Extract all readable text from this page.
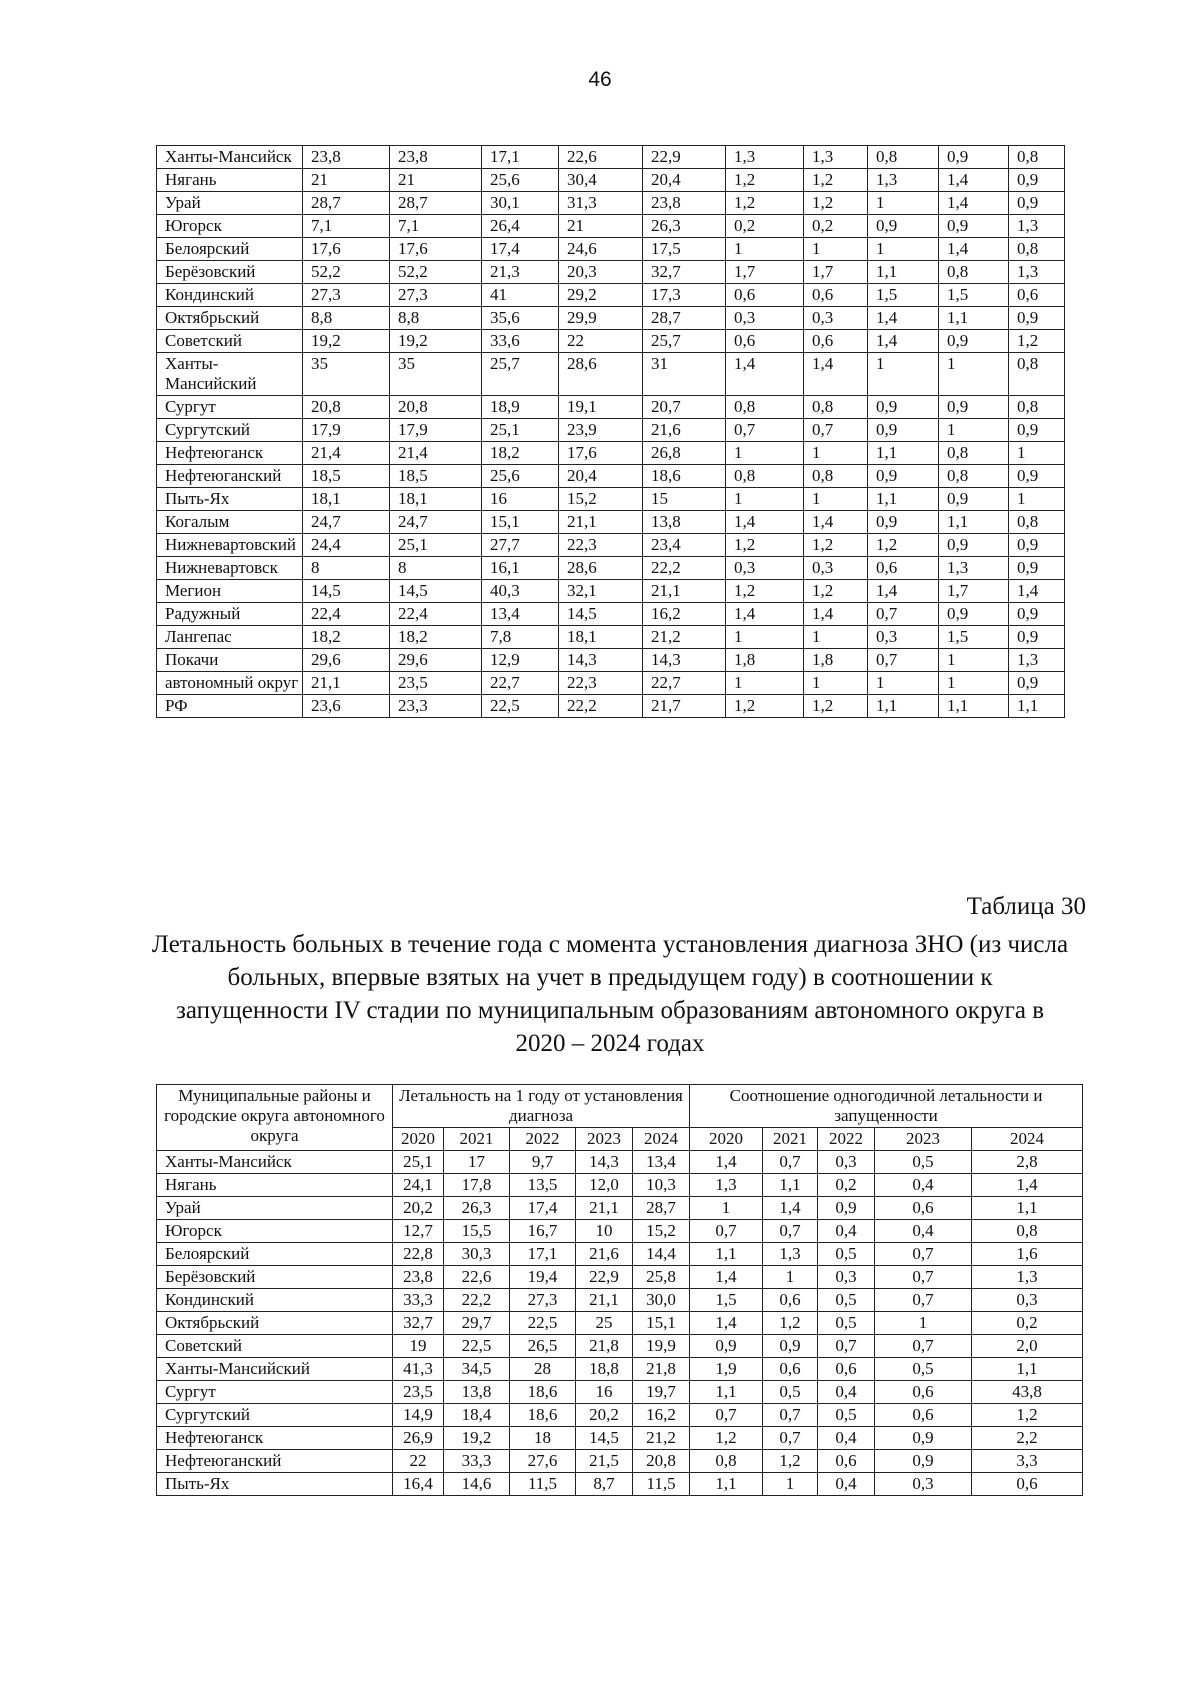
46
Ханты-Мансийск	23,8	23,8	17,1	22,6	22,9	1,3	1,3	0,8	0,9	0,8
Нягань	21	21	25,6	30,4	20,4	1,2	1,2	1,3	1,4	0,9
Урай	28,7	28,7	30,1	31,3	23,8	1,2	1,2	1	1,4	0,9
Югорск	7,1	7,1	26,4	21	26,3	0,2	0,2	0,9	0,9	1,3
Белоярский	17,6	17,6	17,4	24,6	17,5	1	1	1	1,4	0,8
Берёзовский	52,2	52,2	21,3	20,3	32,7	1,7	1,7	1,1	0,8	1,3
Кондинский	27,3	27,3	41	29,2	17,3	0,6	0,6	1,5	1,5	0,6
Октябрьский	8,8	8,8	35,6	29,9	28,7	0,3	0,3	1,4	1,1	0,9
Советский	19,2	19,2	33,6	22	25,7	0,6	0,6	1,4	0,9	1,2
Ханты-Мансийский	35	35	25,7	28,6	31	1,4	1,4	1	1	0,8
Сургут	20,8	20,8	18,9	19,1	20,7	0,8	0,8	0,9	0,9	0,8
Сургутский	17,9	17,9	25,1	23,9	21,6	0,7	0,7	0,9	1	0,9
Нефтеюганск	21,4	21,4	18,2	17,6	26,8	1	1	1,1	0,8	1
Нефтеюганский	18,5	18,5	25,6	20,4	18,6	0,8	0,8	0,9	0,8	0,9
Пыть-Ях	18,1	18,1	16	15,2	15	1	1	1,1	0,9	1
Когалым	24,7	24,7	15,1	21,1	13,8	1,4	1,4	0,9	1,1	0,8
Нижневартовский	24,4	25,1	27,7	22,3	23,4	1,2	1,2	1,2	0,9	0,9
Нижневартовск	8	8	16,1	28,6	22,2	0,3	0,3	0,6	1,3	0,9
Мегион	14,5	14,5	40,3	32,1	21,1	1,2	1,2	1,4	1,7	1,4
Радужный	22,4	22,4	13,4	14,5	16,2	1,4	1,4	0,7	0,9	0,9
Лангепас	18,2	18,2	7,8	18,1	21,2	1	1	0,3	1,5	0,9
Покачи	29,6	29,6	12,9	14,3	14,3	1,8	1,8	0,7	1	1,3
автономный округ	21,1	23,5	22,7	22,3	22,7	1	1	1	1	0,9
РФ	23,6	23,3	22,5	22,2	21,7	1,2	1,2	1,1	1,1	1,1
Таблица 30
Летальность больных в течение года с момента установления диагноза ЗНО (из числа больных, впервые взятых на учет в предыдущем году) в соотношении к запущенности IV стадии по муниципальным образованиям автономного округа в 2020 – 2024 годах
Муниципальные районы и городские округа автономного округа	Летальность на 1 году от установления диагноза					Соотношение одногодичной летальности и запущенности				
	2020	2021	2022	2023	2024	2020	2021	2022	2023	2024
Ханты-Мансийск	25,1	17	9,7	14,3	13,4	1,4	0,7	0,3	0,5	2,8
Нягань	24,1	17,8	13,5	12,0	10,3	1,3	1,1	0,2	0,4	1,4
Урай	20,2	26,3	17,4	21,1	28,7	1	1,4	0,9	0,6	1,1
Югорск	12,7	15,5	16,7	10	15,2	0,7	0,7	0,4	0,4	0,8
Белоярский	22,8	30,3	17,1	21,6	14,4	1,1	1,3	0,5	0,7	1,6
Берёзовский	23,8	22,6	19,4	22,9	25,8	1,4	1	0,3	0,7	1,3
Кондинский	33,3	22,2	27,3	21,1	30,0	1,5	0,6	0,5	0,7	0,3
Октябрьский	32,7	29,7	22,5	25	15,1	1,4	1,2	0,5	1	0,2
Советский	19	22,5	26,5	21,8	19,9	0,9	0,9	0,7	0,7	2,0
Ханты-Мансийский	41,3	34,5	28	18,8	21,8	1,9	0,6	0,6	0,5	1,1
Сургут	23,5	13,8	18,6	16	19,7	1,1	0,5	0,4	0,6	43,8
Сургутский	14,9	18,4	18,6	20,2	16,2	0,7	0,7	0,5	0,6	1,2
Нефтеюганск	26,9	19,2	18	14,5	21,2	1,2	0,7	0,4	0,9	2,2
Нефтеюганский	22	33,3	27,6	21,5	20,8	0,8	1,2	0,6	0,9	3,3
Пыть-Ях	16,4	14,6	11,5	8,7	11,5	1,1	1	0,4	0,3	0,6
